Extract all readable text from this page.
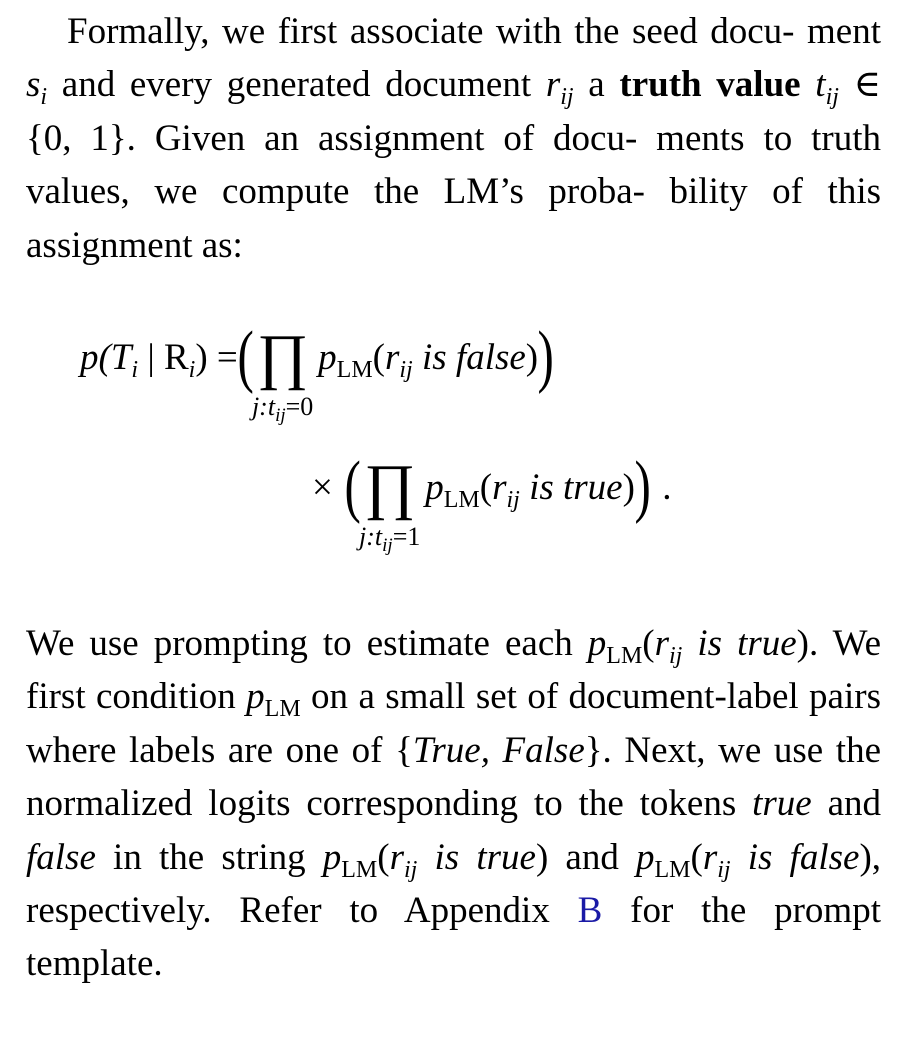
Formally, we first associate with the seed docu- ment $s_i$ and every generated document $r_{ij}$ a truth value $t_{ij}$ ∈ {0, 1}. Given an assignment of docu- ments to truth values, we compute the LM’s proba- bility of this assignment as:
$p(T_i$ | $R_i$) = ( ∏
$j:t_{ij}=0$
$p_{LM}(r_{ij}$ is false) )
× ( ∏
$j:t_{ij}=1$
$p_{LM}(r_{ij}$ is true) ) .
We use prompting to estimate each $p_{LM}(r_{ij}$ is true). We first condition $p_{LM}$ on a small set of document-label pairs where labels are one of {True, False}. Next, we use the normalized logits corresponding to the tokens true and false in the string $p_{LM}(r_{ij}$ is true) and $p_{LM}(r_{ij}$ is false), respectively. Refer to Appendix B for the prompt template.
